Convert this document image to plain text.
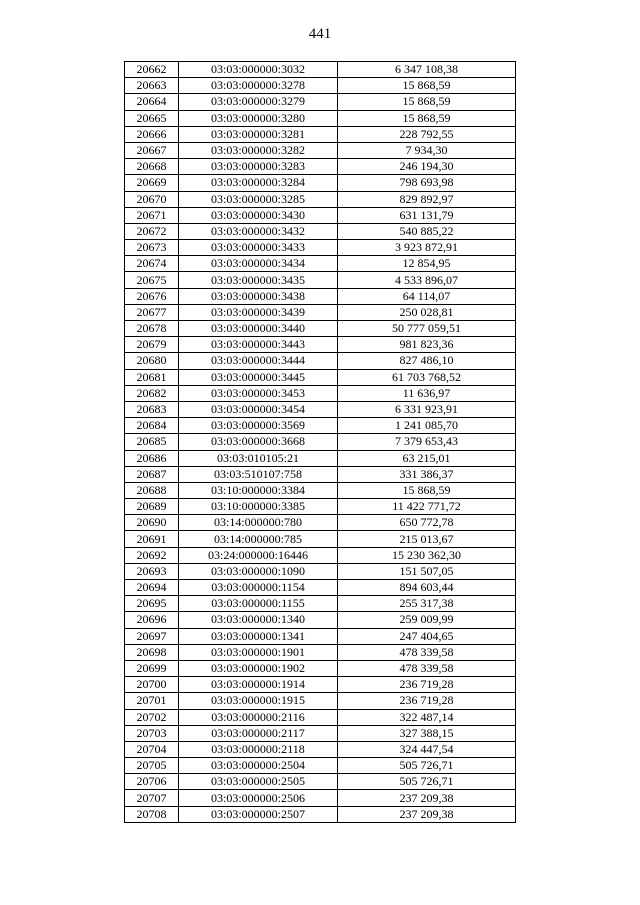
441
20662	03:03:000000:3032	6 347 108,38
20663	03:03:000000:3278	15 868,59
20664	03:03:000000:3279	15 868,59
20665	03:03:000000:3280	15 868,59
20666	03:03:000000:3281	228 792,55
20667	03:03:000000:3282	7 934,30
20668	03:03:000000:3283	246 194,30
20669	03:03:000000:3284	798 693,98
20670	03:03:000000:3285	829 892,97
20671	03:03:000000:3430	631 131,79
20672	03:03:000000:3432	540 885,22
20673	03:03:000000:3433	3 923 872,91
20674	03:03:000000:3434	12 854,95
20675	03:03:000000:3435	4 533 896,07
20676	03:03:000000:3438	64 114,07
20677	03:03:000000:3439	250 028,81
20678	03:03:000000:3440	50 777 059,51
20679	03:03:000000:3443	981 823,36
20680	03:03:000000:3444	827 486,10
20681	03:03:000000:3445	61 703 768,52
20682	03:03:000000:3453	11 636,97
20683	03:03:000000:3454	6 331 923,91
20684	03:03:000000:3569	1 241 085,70
20685	03:03:000000:3668	7 379 653,43
20686	03:03:010105:21	63 215,01
20687	03:03:510107:758	331 386,37
20688	03:10:000000:3384	15 868,59
20689	03:10:000000:3385	11 422 771,72
20690	03:14:000000:780	650 772,78
20691	03:14:000000:785	215 013,67
20692	03:24:000000:16446	15 230 362,30
20693	03:03:000000:1090	151 507,05
20694	03:03:000000:1154	894 603,44
20695	03:03:000000:1155	255 317,38
20696	03:03:000000:1340	259 009,99
20697	03:03:000000:1341	247 404,65
20698	03:03:000000:1901	478 339,58
20699	03:03:000000:1902	478 339,58
20700	03:03:000000:1914	236 719,28
20701	03:03:000000:1915	236 719,28
20702	03:03:000000:2116	322 487,14
20703	03:03:000000:2117	327 388,15
20704	03:03:000000:2118	324 447,54
20705	03:03:000000:2504	505 726,71
20706	03:03:000000:2505	505 726,71
20707	03:03:000000:2506	237 209,38
20708	03:03:000000:2507	237 209,38
